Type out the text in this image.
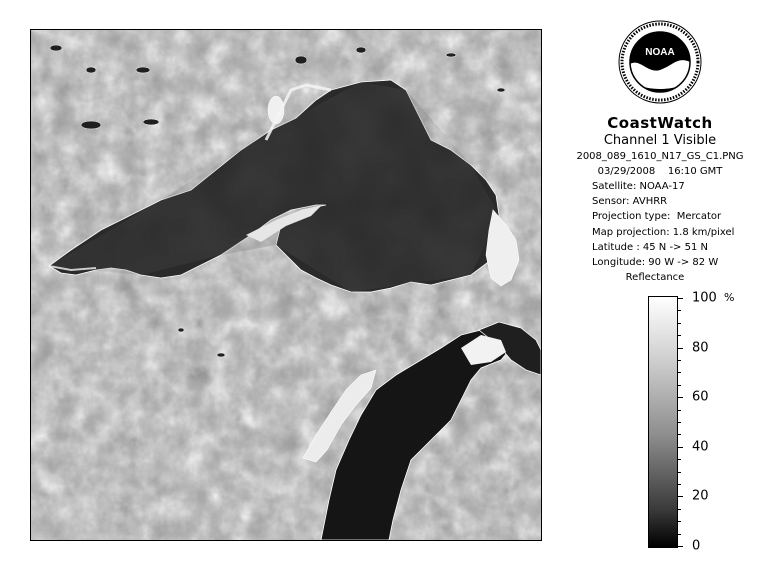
NOAA
CoastWatch
Channel 1 Visible
2008_089_1610_N17_GS_C1.PNG
03/29/2008    16:10 GMT
Satellite: NOAA-17
Sensor: AVHRR
Projection type:  Mercator
Map projection: 1.8 km/pixel
Latitude : 45 N -> 51 N
Longitude: 90 W -> 82 W
Reflectance
%
100
80
60
40
20
0
